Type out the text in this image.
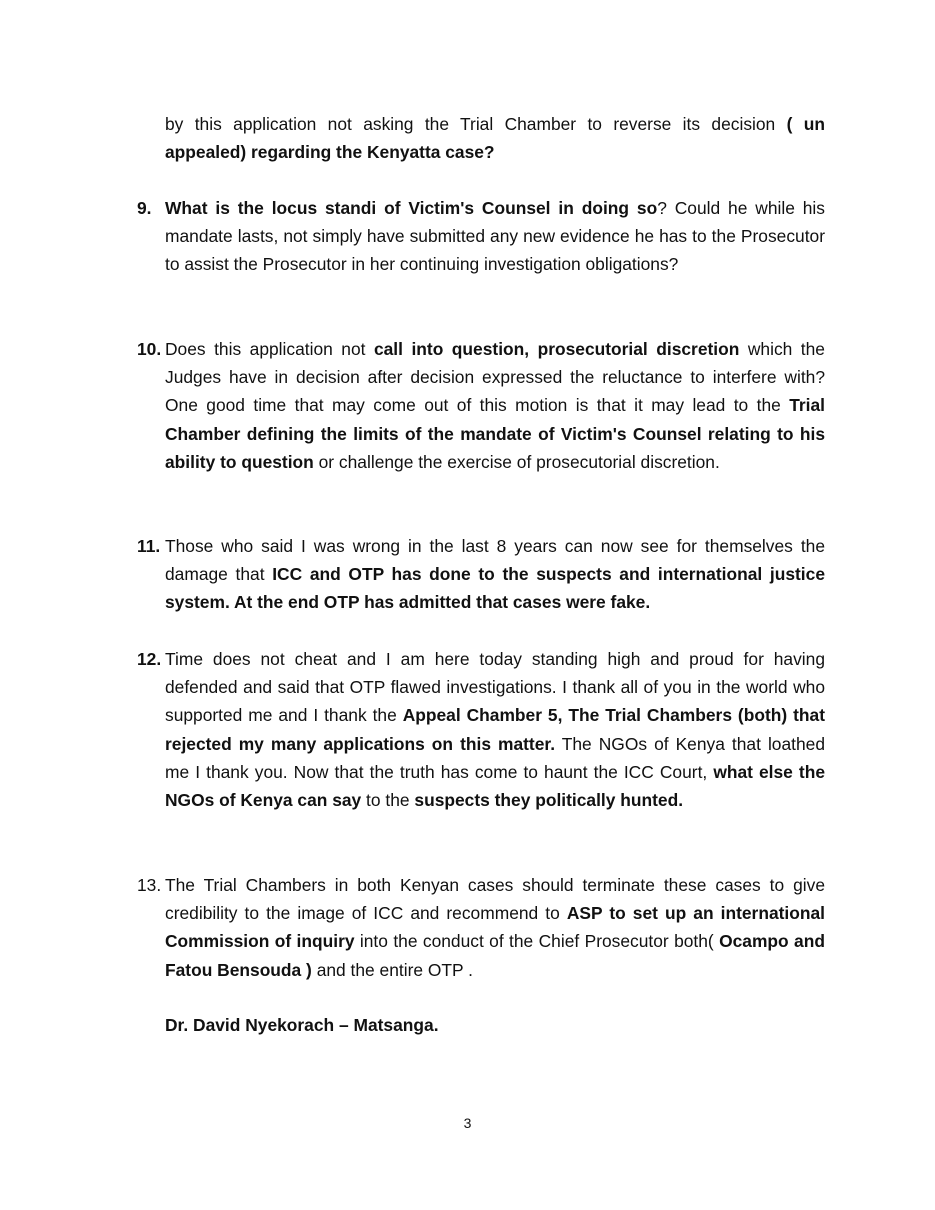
by this application not asking the Trial Chamber to reverse its decision ( un appealed) regarding the Kenyatta case?
9. What is the locus standi of Victim's Counsel in doing so? Could he while his mandate lasts, not simply have submitted any new evidence he has to the Prosecutor to assist the Prosecutor in her continuing investigation obligations?
10. Does this application not call into question, prosecutorial discretion which the Judges have in decision after decision expressed the reluctance to interfere with? One good time that may come out of this motion is that it may lead to the Trial Chamber defining the limits of the mandate of Victim's Counsel relating to his ability to question or challenge the exercise of prosecutorial discretion.
11. Those who said I was wrong in the last 8 years can now see for themselves the damage that ICC and OTP has done to the suspects and international justice system. At the end OTP has admitted that cases were fake.
12. Time does not cheat and I am here today standing high and proud for having defended and said that OTP flawed investigations. I thank all of you in the world who supported me and I thank the Appeal Chamber 5, The Trial Chambers (both) that rejected my many applications on this matter. The NGOs of Kenya that loathed me I thank you. Now that the truth has come to haunt the ICC Court, what else the NGOs of Kenya can say to the suspects they politically hunted.
13. The Trial Chambers in both Kenyan cases should terminate these cases to give credibility to the image of ICC and recommend to ASP to set up an international Commission of inquiry into the conduct of the Chief Prosecutor both( Ocampo and Fatou Bensouda ) and the entire OTP .
Dr. David Nyekorach – Matsanga.
3
